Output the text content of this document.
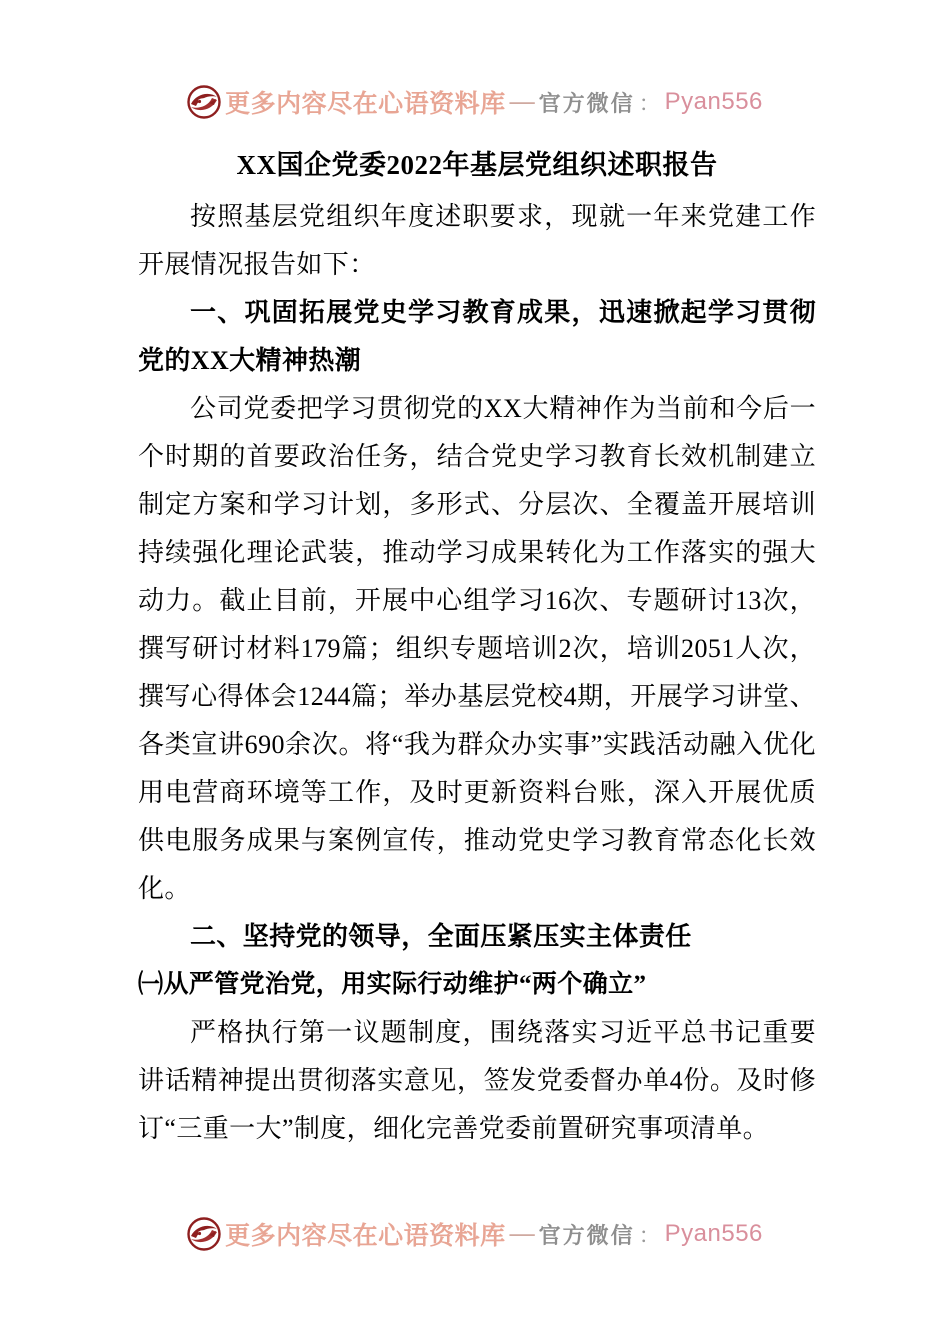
更多内容尽在心语资料库 — 官方微信 ： Pyan556
XX国企党委2022年基层党组织述职报告

按照基层党组织年度述职要求，现就一年来党建工作开展情况报告如下：

一、巩固拓展党史学习教育成果，迅速掀起学习贯彻党的XX大精神热潮

公司党委把学习贯彻党的XX大精神作为当前和今后一个时期的首要政治任务，结合党史学习教育长效机制建立制定方案和学习计划，多形式、分层次、全覆盖开展培训持续强化理论武装，推动学习成果转化为工作落实的强大动力。截止目前，开展中心组学习16次、专题研讨13次，撰写研讨材料179篇；组织专题培训2次，培训2051人次，撰写心得体会1244篇；举办基层党校4期，开展学习讲堂、各类宣讲690余次。将“我为群众办实事”实践活动融入优化用电营商环境等工作，及时更新资料台账，深入开展优质供电服务成果与案例宣传，推动党史学习教育常态化长效化。

二、坚持党的领导，全面压紧压实主体责任
㈠从严管党治党，用实际行动维护“两个确立”

严格执行第一议题制度，围绕落实习近平总书记重要讲话精神提出贯彻落实意见，签发党委督办单4份。及时修订“三重一大”制度，细化完善党委前置研究事项清单。

更多内容尽在心语资料库 — 官方微信 ： Pyan556
